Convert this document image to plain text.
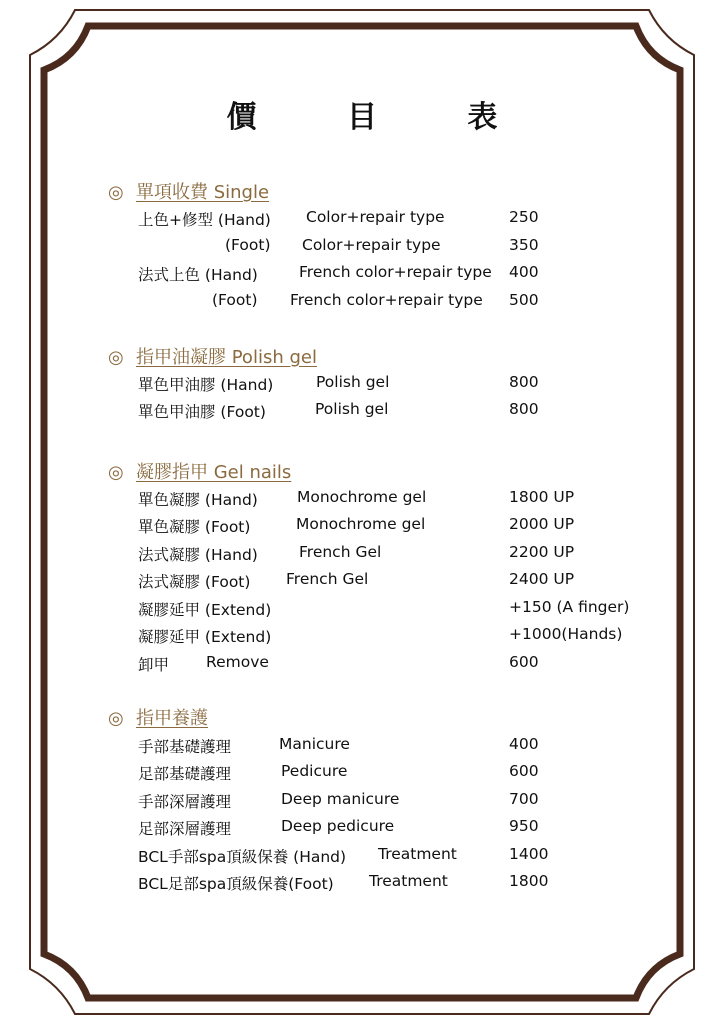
價 目 表
◎ 單項收費 Single
上色+修型 (Hand) Color+repair type	250
(Foot) Color+repair type	350
法式上色 (Hand)	French color+repair type 400
(Foot) French color+repair type 500
◎ 指甲油凝膠 Polish gel
單色甲油膠 (Hand)	Polish gel	800
單色甲油膠 (Foot)	Polish gel	800
◎ 凝膠指甲 Gel nails
單色凝膠 (Hand)	Monochrome gel	1800 UP
單色凝膠 (Foot)	Monochrome gel	2000 UP
法式凝膠 (Hand)	French Gel	2200 UP
法式凝膠 (Foot) French Gel	2400 UP
凝膠延甲 (Extend)	+150 (A finger)
凝膠延甲 (Extend)	+1000(Hands)
卸甲 Remove	600
◎ 指甲養護
手部基礎護理	Manicure	400
足部基礎護理	Pedicure	600
手部深層護理	Deep manicure	700
足部深層護理	Deep pedicure	950
BCL手部spa頂級保養 (Hand) Treatment	1400
BCL足部spa頂級保養(Foot) Treatment	1800
